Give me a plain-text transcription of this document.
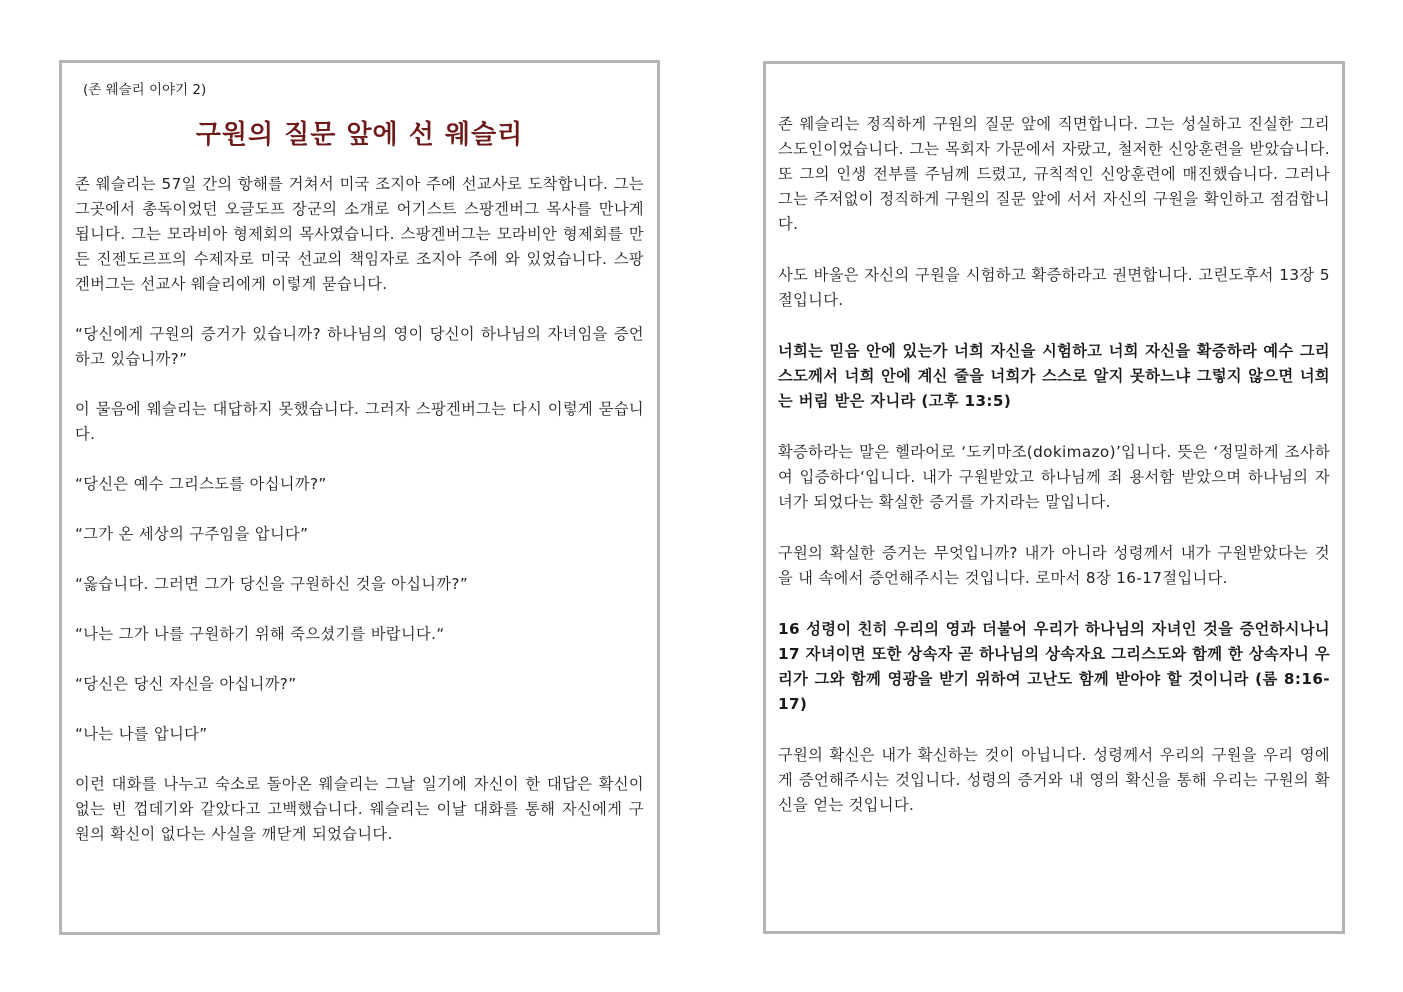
(존 웨슬리 이야기 2)
구원의 질문 앞에 선 웨슬리

존 웨슬리는 57일 간의 항해를 거쳐서 미국 조지아 주에 선교사로 도착합니다. 그는 그곳에서 총독이었던 오글도프 장군의 소개로 어기스트 스팡겐버그 목사를 만나게 됩니다. 그는 모라비아 형제회의 목사였습니다. 스팡겐버그는 모라비안 형제회를 만든 진젠도르프의 수제자로 미국 선교의 책임자로 조지아 주에 와 있었습니다. 스팡겐버그는 선교사 웨슬리에게 이렇게 묻습니다.

“당신에게 구원의 증거가 있습니까? 하나님의 영이 당신이 하나님의 자녀임을 증언하고 있습니까?”

이 물음에 웨슬리는 대답하지 못했습니다. 그러자 스팡겐버그는 다시 이렇게 묻습니다.

“당신은 예수 그리스도를 아십니까?”

“그가 온 세상의 구주임을 압니다”

“옳습니다. 그러면 그가 당신을 구원하신 것을 아십니까?”

“나는 그가 나를 구원하기 위해 죽으셨기를 바랍니다.“

“당신은 당신 자신을 아십니까?”

“나는 나를 압니다”

이런 대화를 나누고 숙소로 돌아온 웨슬리는 그날 일기에 자신이 한 대답은 확신이 없는 빈 껍데기와 같았다고 고백했습니다. 웨슬리는 이날 대화를 통해 자신에게 구원의 확신이 없다는 사실을 깨닫게 되었습니다.

존 웨슬리는 정직하게 구원의 질문 앞에 직면합니다. 그는 성실하고 진실한 그리스도인이었습니다. 그는 목회자 가문에서 자랐고, 철저한 신앙훈련을 받았습니다. 또 그의 인생 전부를 주님께 드렸고, 규칙적인 신앙훈련에 매진했습니다. 그러나 그는 주저없이 정직하게 구원의 질문 앞에 서서 자신의 구원을 확인하고 점검합니다.

사도 바울은 자신의 구원을 시험하고 확증하라고 권면합니다. 고린도후서 13장 5절입니다.

너희는 믿음 안에 있는가 너희 자신을 시험하고 너희 자신을 확증하라 예수 그리스도께서 너희 안에 계신 줄을 너희가 스스로 알지 못하느냐 그렇지 않으면 너희는 버림 받은 자니라 (고후 13:5)

확증하라는 말은 헬라어로 ‘도키마조(dokimazo)’입니다. 뜻은 ‘정밀하게 조사하여 입증하다‘입니다. 내가 구원받았고 하나님께 죄 용서함 받았으며 하나님의 자녀가 되었다는 확실한 증거를 가지라는 말입니다.

구원의 확실한 증거는 무엇입니까? 내가 아니라 성령께서 내가 구원받았다는 것을 내 속에서 증언해주시는 것입니다. 로마서 8장 16-17절입니다.

16 성령이 친히 우리의 영과 더불어 우리가 하나님의 자녀인 것을 증언하시나니 17 자녀이면 또한 상속자 곧 하나님의 상속자요 그리스도와 함께 한 상속자니 우리가 그와 함께 영광을 받기 위하여 고난도 함께 받아야 할 것이니라 (롬 8:16-17)

구원의 확신은 내가 확신하는 것이 아닙니다. 성령께서 우리의 구원을 우리 영에게 증언해주시는 것입니다. 성령의 증거와 내 영의 확신을 통해 우리는 구원의 확신을 얻는 것입니다.
